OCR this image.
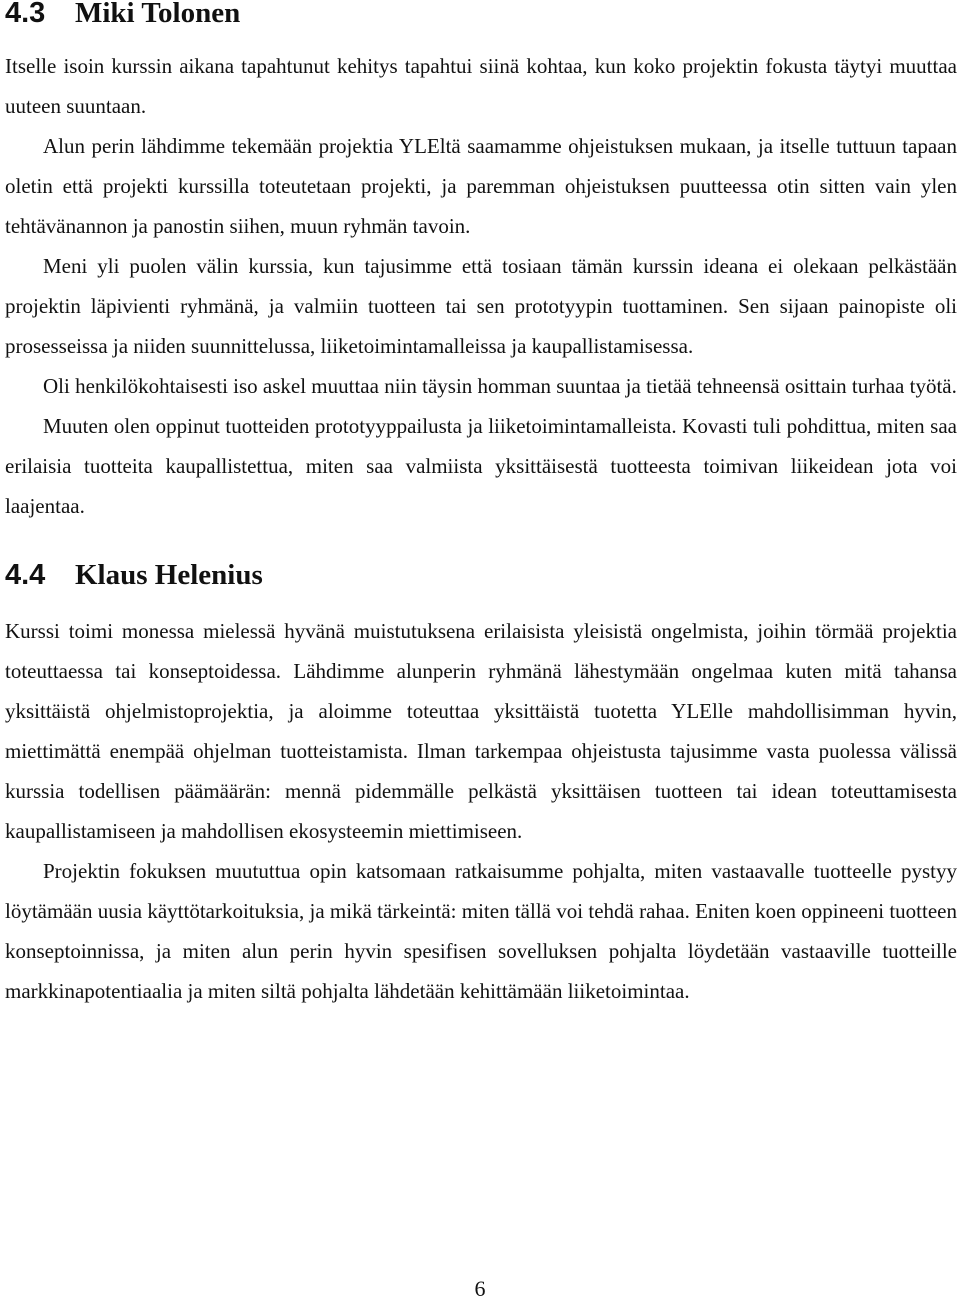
4.3 Miki Tolonen

Itselle isoin kurssin aikana tapahtunut kehitys tapahtui siinä kohtaa, kun koko projektin fokusta täytyi muuttaa uuteen suuntaan.

Alun perin lähdimme tekemään projektia YLEltä saamamme ohjeistuksen mukaan, ja itselle tuttuun tapaan oletin että projekti kurssilla toteutetaan projekti, ja paremman ohjeistuksen puutteessa otin sitten vain ylen tehtävänannon ja panostin siihen, muun ryhmän tavoin.

Meni yli puolen välin kurssia, kun tajusimme että tosiaan tämän kurssin ideana ei olekaan pelkästään projektin läpivienti ryhmänä, ja valmiin tuotteen tai sen prototyypin tuottaminen. Sen sijaan painopiste oli prosesseissa ja niiden suunnittelussa, liiketoimintamalleissa ja kaupallistamisessa.

Oli henkilökohtaisesti iso askel muuttaa niin täysin homman suuntaa ja tietää tehneensä osittain turhaa työtä.

Muuten olen oppinut tuotteiden prototyyppailusta ja liiketoimintamalleista. Kovasti tuli pohdittua, miten saa erilaisia tuotteita kaupallistettua, miten saa valmiista yksittäisestä tuotteesta toimivan liikeidean jota voi laajentaa.

4.4 Klaus Helenius

Kurssi toimi monessa mielessä hyvänä muistutuksena erilaisista yleisistä ongelmista, joihin törmää projektia toteuttaessa tai konseptoidessa. Lähdimme alunperin ryhmänä lähestymään ongelmaa kuten mitä tahansa yksittäistä ohjelmistoprojektia, ja aloimme toteuttaa yksittäistä tuotetta YLElle mahdollisimman hyvin, miettimättä enempää ohjelman tuotteistamista. Ilman tarkempaa ohjeistusta tajusimme vasta puolessa välissä kurssia todellisen päämäärän: mennä pidemmälle pelkästä yksittäisen tuotteen tai idean toteuttamisesta kaupallistamiseen ja mahdollisen ekosysteemin miettimiseen.

Projektin fokuksen muututtua opin katsomaan ratkaisumme pohjalta, miten vastaavalle tuotteelle pystyy löytämään uusia käyttötarkoituksia, ja mikä tärkeintä: miten tällä voi tehdä rahaa. Eniten koen oppineeni tuotteen konseptoinnissa, ja miten alun perin hyvin spesifisen sovelluksen pohjalta löydetään vastaaville tuotteille markkinapotentiaalia ja miten siltä pohjalta lähdetään kehittämään liiketoimintaa.

6
